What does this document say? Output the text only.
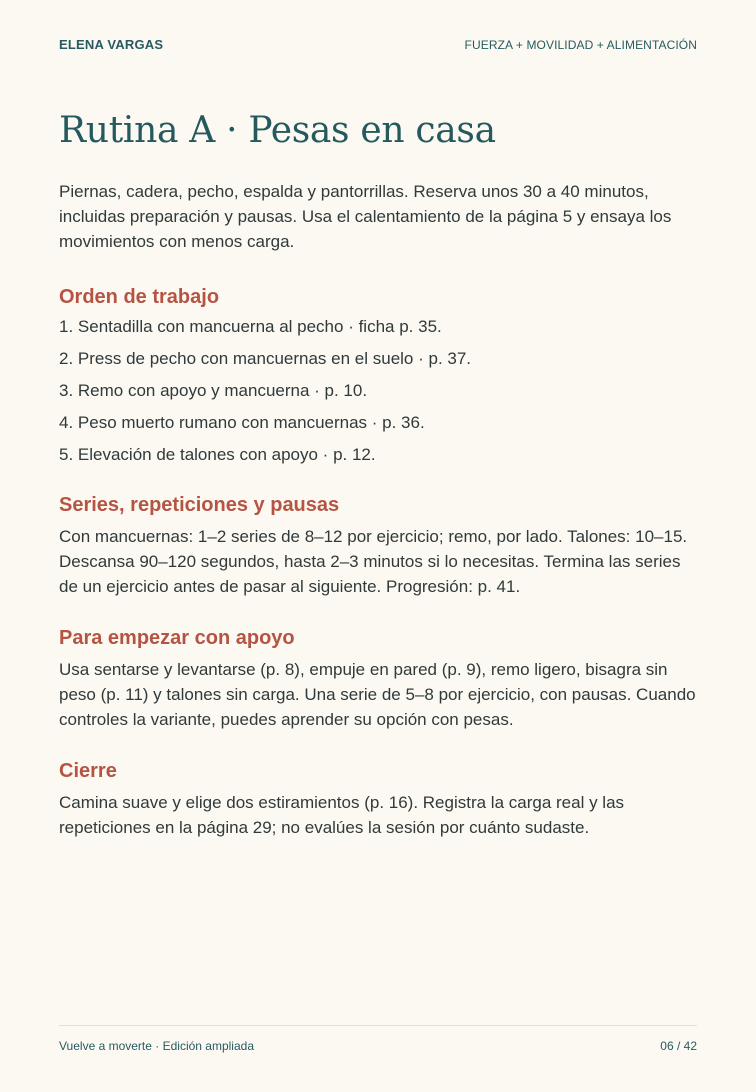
ELENA VARGAS	FUERZA + MOVILIDAD + ALIMENTACIÓN
Rutina A · Pesas en casa

Piernas, cadera, pecho, espalda y pantorrillas. Reserva unos 30 a 40 minutos, incluidas preparación y pausas. Usa el calentamiento de la página 5 y ensaya los movimientos con menos carga.

Orden de trabajo
1. Sentadilla con mancuerna al pecho · ficha p. 35.
2. Press de pecho con mancuernas en el suelo · p. 37.
3. Remo con apoyo y mancuerna · p. 10.
4. Peso muerto rumano con mancuernas · p. 36.
5. Elevación de talones con apoyo · p. 12.
Series, repeticiones y pausas

Con mancuernas: 1–2 series de 8–12 por ejercicio; remo, por lado. Talones: 10–15. Descansa 90–120 segundos, hasta 2–3 minutos si lo necesitas. Termina las series de un ejercicio antes de pasar al siguiente. Progresión: p. 41.

Para empezar con apoyo

Usa sentarse y levantarse (p. 8), empuje en pared (p. 9), remo ligero, bisagra sin peso (p. 11) y talones sin carga. Una serie de 5–8 por ejercicio, con pausas. Cuando controles la variante, puedes aprender su opción con pesas.

Cierre

Camina suave y elige dos estiramientos (p. 16). Registra la carga real y las repeticiones en la página 29; no evalúes la sesión por cuánto sudaste.

Vuelve a moverte · Edición ampliada	06 / 42
